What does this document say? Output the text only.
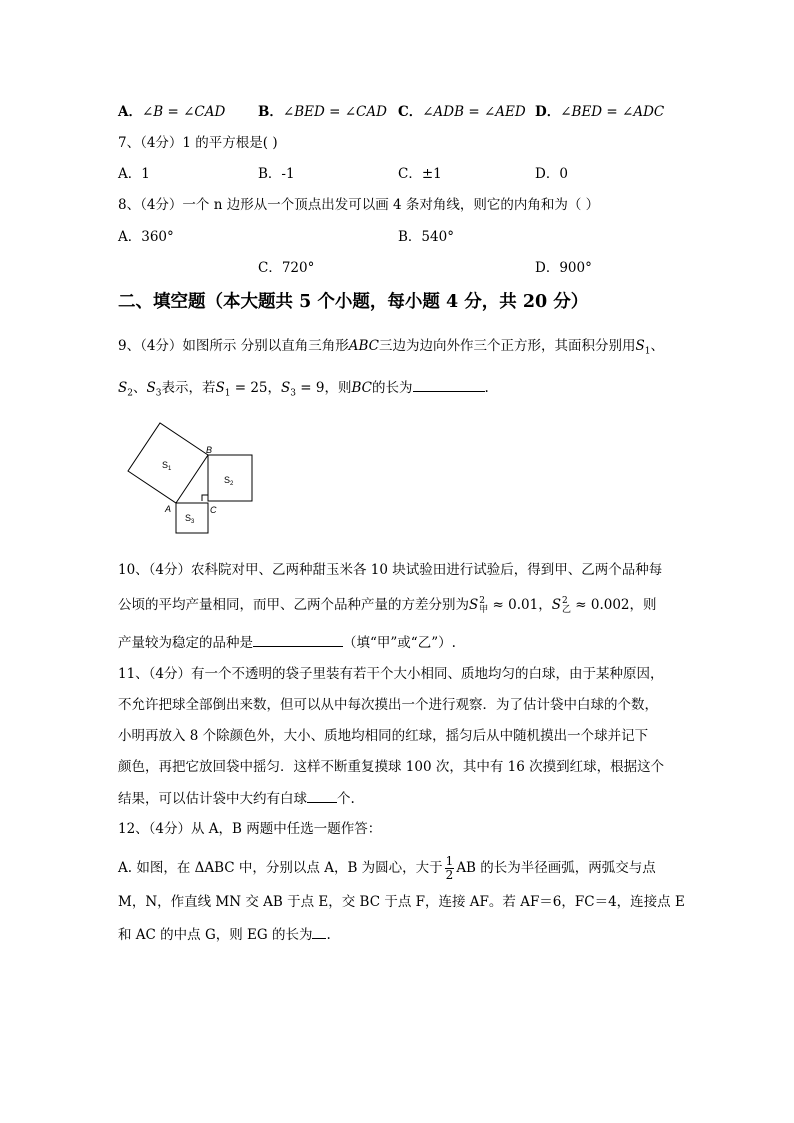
A．∠B = ∠CAD B．∠BED = ∠CAD C．∠ADB = ∠AED D．∠BED = ∠ADC
7、（4分）1 的平方根是( )
A．1	B．-1	C．±1	D．0
8、（4分）一个 n 边形从一个顶点出发可以画 4 条对角线，则它的内角和为（ ）
A．360°	B．540°
C．720°	D．900°
二、填空题（本大题共 5 个小题，每小题 4 分，共 20 分）
9、（4分）如图所示 分别以直角三角形ABC三边为边向外作三个正方形，其面积分别用$S_1$、
$S_2$、$S_3$表示，若$S_1 = 25$，$S_3 = 9$，则BC的长为	.
$S_1$
$S_2$
$S_3$
A
B
C
10、（4分）农科院对甲、乙两种甜玉米各 10 块试验田进行试验后，得到甲、乙两个品种每
公顷的平均产量相同，而甲、乙两个品种产量的方差分别为S 2
甲 ≈ 0.01，S 2
乙 ≈ 0.002，则
产量较为稳定的品种是	（填“甲”或“乙”）.
11、（4分）有一个不透明的袋子里装有若干个大小相同、质地均匀的白球，由于某种原因，
不允许把球全部倒出来数，但可以从中每次摸出一个进行观察．为了估计袋中白球的个数，
小明再放入 8 个除颜色外，大小、质地均相同的红球，摇匀后从中随机摸出一个球并记下
颜色，再把它放回袋中摇匀．这样不断重复摸球 100 次，其中有 16 次摸到红球，根据这个
结果，可以估计袋中大约有白球 个.
12、（4分）从 A，B 两题中任选一题作答：
A. 如图，在 ΔABC 中，分别以点 A，B 为圆心，大于 $\frac{1}{2}$ AB 的长为半径画弧，两弧交与点
M，N，作直线 MN 交 AB 于点 E，交 BC 于点 F，连接 AF。若 AF＝6，FC＝4，连接点 E
和 AC 的中点 G，则 EG 的长为 .
